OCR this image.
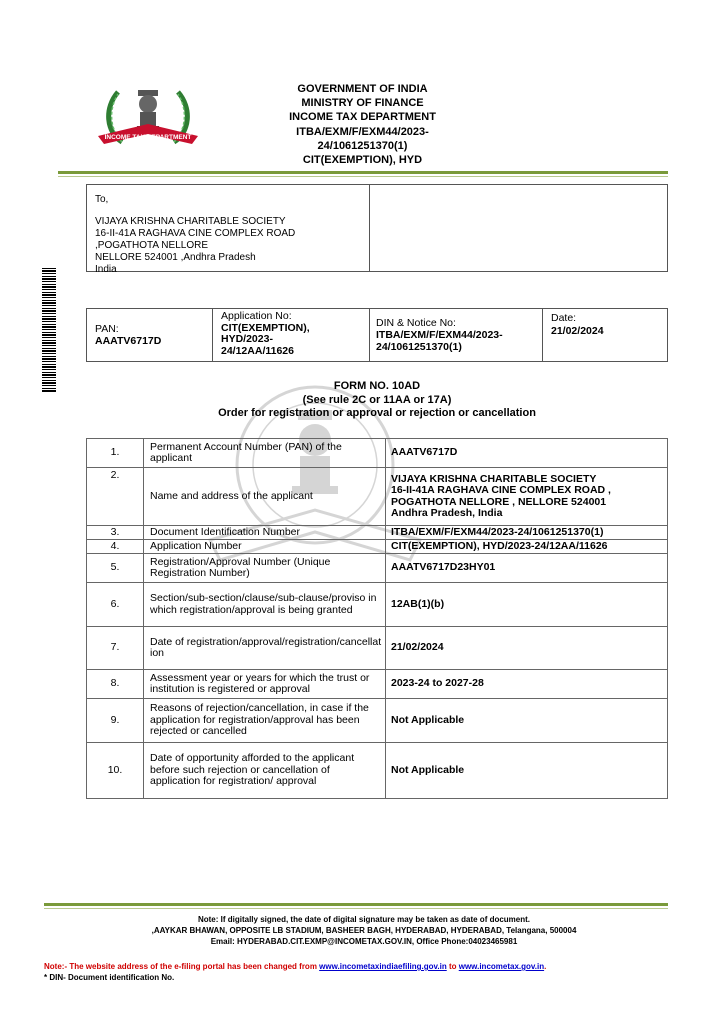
INCOME TAX DEPARTMENT
GOVERNMENT OF INDIA
MINISTRY OF FINANCE
INCOME TAX DEPARTMENT
ITBA/EXM/F/EXM44/2023-
24/1061251370(1)
CIT(EXEMPTION), HYD
To,
VIJAYA KRISHNA CHARITABLE SOCIETY
16-II-41A RAGHAVA CINE COMPLEX ROAD
,POGATHOTA NELLORE
NELLORE 524001 ,Andhra Pradesh
India
PAN:
AAATV6717D
Application No:
CIT(EXEMPTION),
HYD/2023-
24/12AA/11626
DIN & Notice No:
ITBA/EXM/F/EXM44/2023-
24/1061251370(1)
Date:
21/02/2024
FORM NO. 10AD
(See rule 2C or 11AA or 17A)
Order for registration or approval or rejection or cancellation
1.	Permanent Account Number (PAN) of the applicant	AAATV6717D
2.	Name and address of the applicant	VIJAYA KRISHNA CHARITABLE SOCIETY
16-II-41A RAGHAVA CINE COMPLEX ROAD ,
POGATHOTA NELLORE , NELLORE 524001
Andhra Pradesh, India

3.	Document Identification Number	ITBA/EXM/F/EXM44/2023-24/1061251370(1)
4.	Application Number	CIT(EXEMPTION), HYD/2023-24/12AA/11626
5.	Registration/Approval Number (Unique Registration Number)	AAATV6717D23HY01
6.	Section/sub-section/clause/sub-clause/proviso in which registration/approval is being granted	12AB(1)(b)
7.	Date of registration/approval/registration/cancellation	21/02/2024
8.	Assessment year or years for which the trust or institution is registered or approval	2023-24 to 2027-28
9.	Reasons of rejection/cancellation, in case if the application for registration/approval has been rejected or cancelled	Not Applicable
10.	Date of opportunity afforded to the applicant before such rejection or cancellation of application for registration/ approval	Not Applicable
Note: If digitally signed, the date of digital signature may be taken as date of document.
,AAYKAR BHAWAN, OPPOSITE LB STADIUM, BASHEER BAGH, HYDERABAD, HYDERABAD, Telangana, 500004
Email: HYDERABAD.CIT.EXMP@INCOMETAX.GOV.IN, Office Phone:04023465981
Note:- The website address of the e-filing portal has been changed from www.incometaxindiaefiling.gov.in to www.incometax.gov.in.
* DIN- Document identification No.
